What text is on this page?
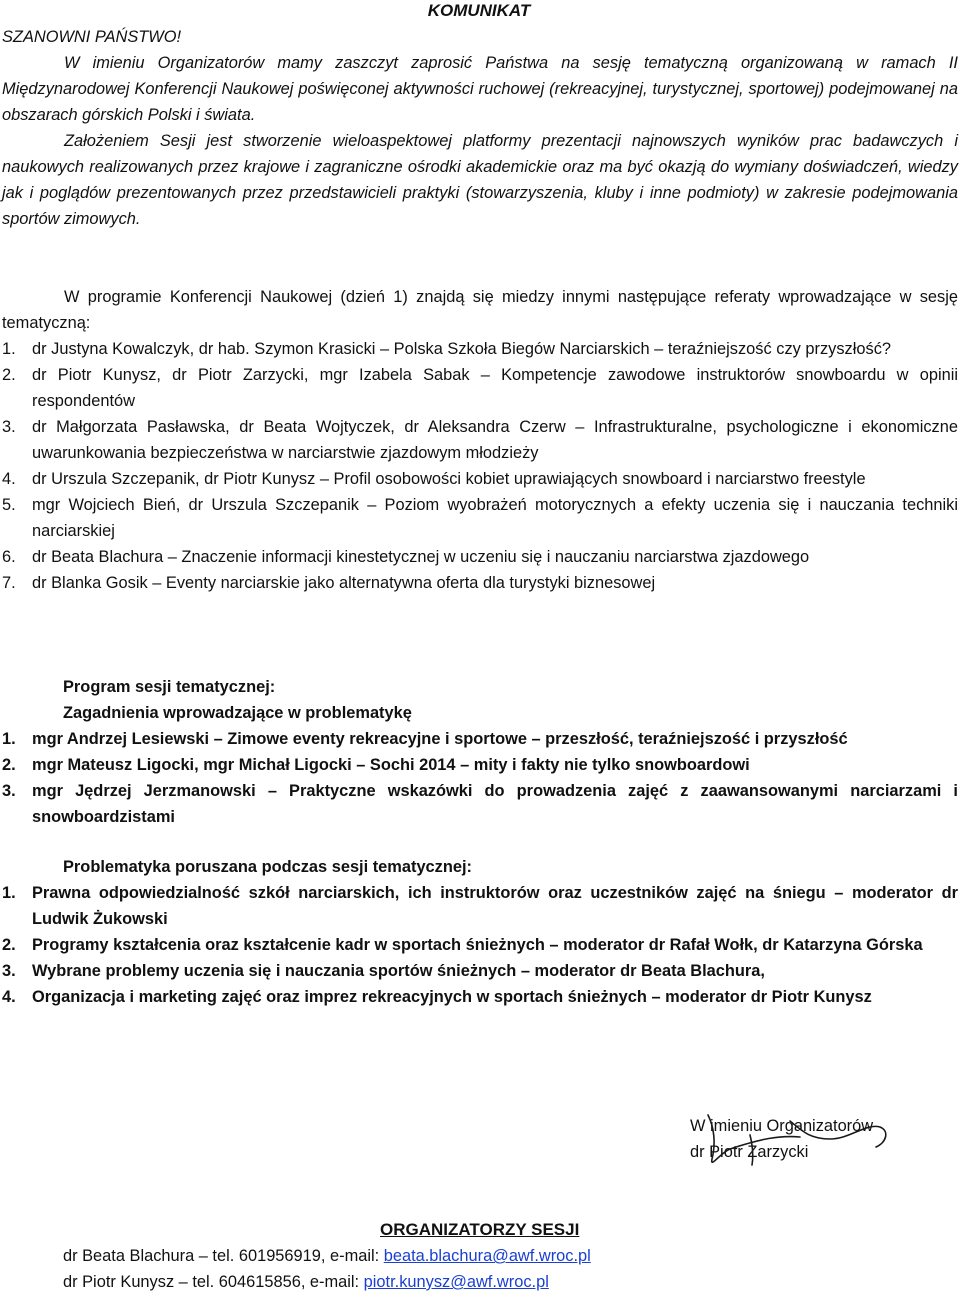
KOMUNIKAT
SZANOWNI PAŃSTWO!
W imieniu Organizatorów mamy zaszczyt zaprosić Państwa na sesję tematyczną organizowaną w ramach II Międzynarodowej Konferencji Naukowej poświęconej aktywności ruchowej (rekreacyjnej, turystycznej, sportowej) podejmowanej na obszarach górskich Polski i świata.
Założeniem Sesji jest stworzenie wieloaspektowej platformy prezentacji najnowszych wyników prac badawczych i naukowych realizowanych przez krajowe i zagraniczne ośrodki akademickie oraz ma być okazją do wymiany doświadczeń, wiedzy jak i poglądów prezentowanych przez przedstawicieli praktyki (stowarzyszenia, kluby i inne podmioty) w zakresie podejmowania sportów zimowych.
W programie Konferencji Naukowej (dzień 1) znajdą się miedzy innymi następujące referaty wprowadzające w sesję tematyczną:
1. dr Justyna Kowalczyk, dr hab. Szymon Krasicki – Polska Szkoła Biegów Narciarskich – teraźniejszość czy przyszłość?
2. dr Piotr Kunysz, dr Piotr Zarzycki, mgr Izabela Sabak – Kompetencje zawodowe instruktorów snowboardu w opinii respondentów
3. dr Małgorzata Pasławska, dr Beata Wojtyczek, dr Aleksandra Czerw – Infrastrukturalne, psychologiczne i ekonomiczne uwarunkowania bezpieczeństwa w narciarstwie zjazdowym młodzieży
4. dr Urszula Szczepanik, dr Piotr Kunysz – Profil osobowości kobiet uprawiających snowboard i narciarstwo freestyle
5. mgr Wojciech Bień, dr Urszula Szczepanik – Poziom wyobrażeń motorycznych a efekty uczenia się i nauczania techniki narciarskiej
6. dr Beata Blachura – Znaczenie informacji kinestetycznej w uczeniu się i nauczaniu narciarstwa zjazdowego
7. dr Blanka Gosik – Eventy narciarskie jako alternatywna oferta dla turystyki biznesowej
Program sesji tematycznej:
Zagadnienia wprowadzające w problematykę
1. mgr Andrzej Lesiewski – Zimowe eventy rekreacyjne i sportowe – przeszłość, teraźniejszość i przyszłość
2. mgr Mateusz Ligocki, mgr Michał Ligocki – Sochi 2014 – mity i fakty nie tylko snowboardowi
3. mgr Jędrzej Jerzmanowski – Praktyczne wskazówki do prowadzenia zajęć z zaawansowanymi narciarzami i snowboardzistami
Problematyka poruszana podczas sesji tematycznej:
1. Prawna odpowiedzialność szkół narciarskich, ich instruktorów oraz uczestników zajęć na śniegu – moderator dr Ludwik Żukowski
2. Programy kształcenia oraz kształcenie kadr w sportach śnieżnych – moderator dr Rafał Wołk, dr Katarzyna Górska
3. Wybrane problemy uczenia się i nauczania sportów śnieżnych – moderator dr Beata Blachura,
4. Organizacja i marketing zajęć oraz imprez rekreacyjnych w sportach śnieżnych – moderator dr Piotr Kunysz
W imieniu Organizatorów
dr Piotr Zarzycki
ORGANIZATORZY SESJI
dr Beata Blachura – tel. 601956919, e-mail: beata.blachura@awf.wroc.pl
dr Piotr Kunysz – tel. 604615856, e-mail: piotr.kunysz@awf.wroc.pl
